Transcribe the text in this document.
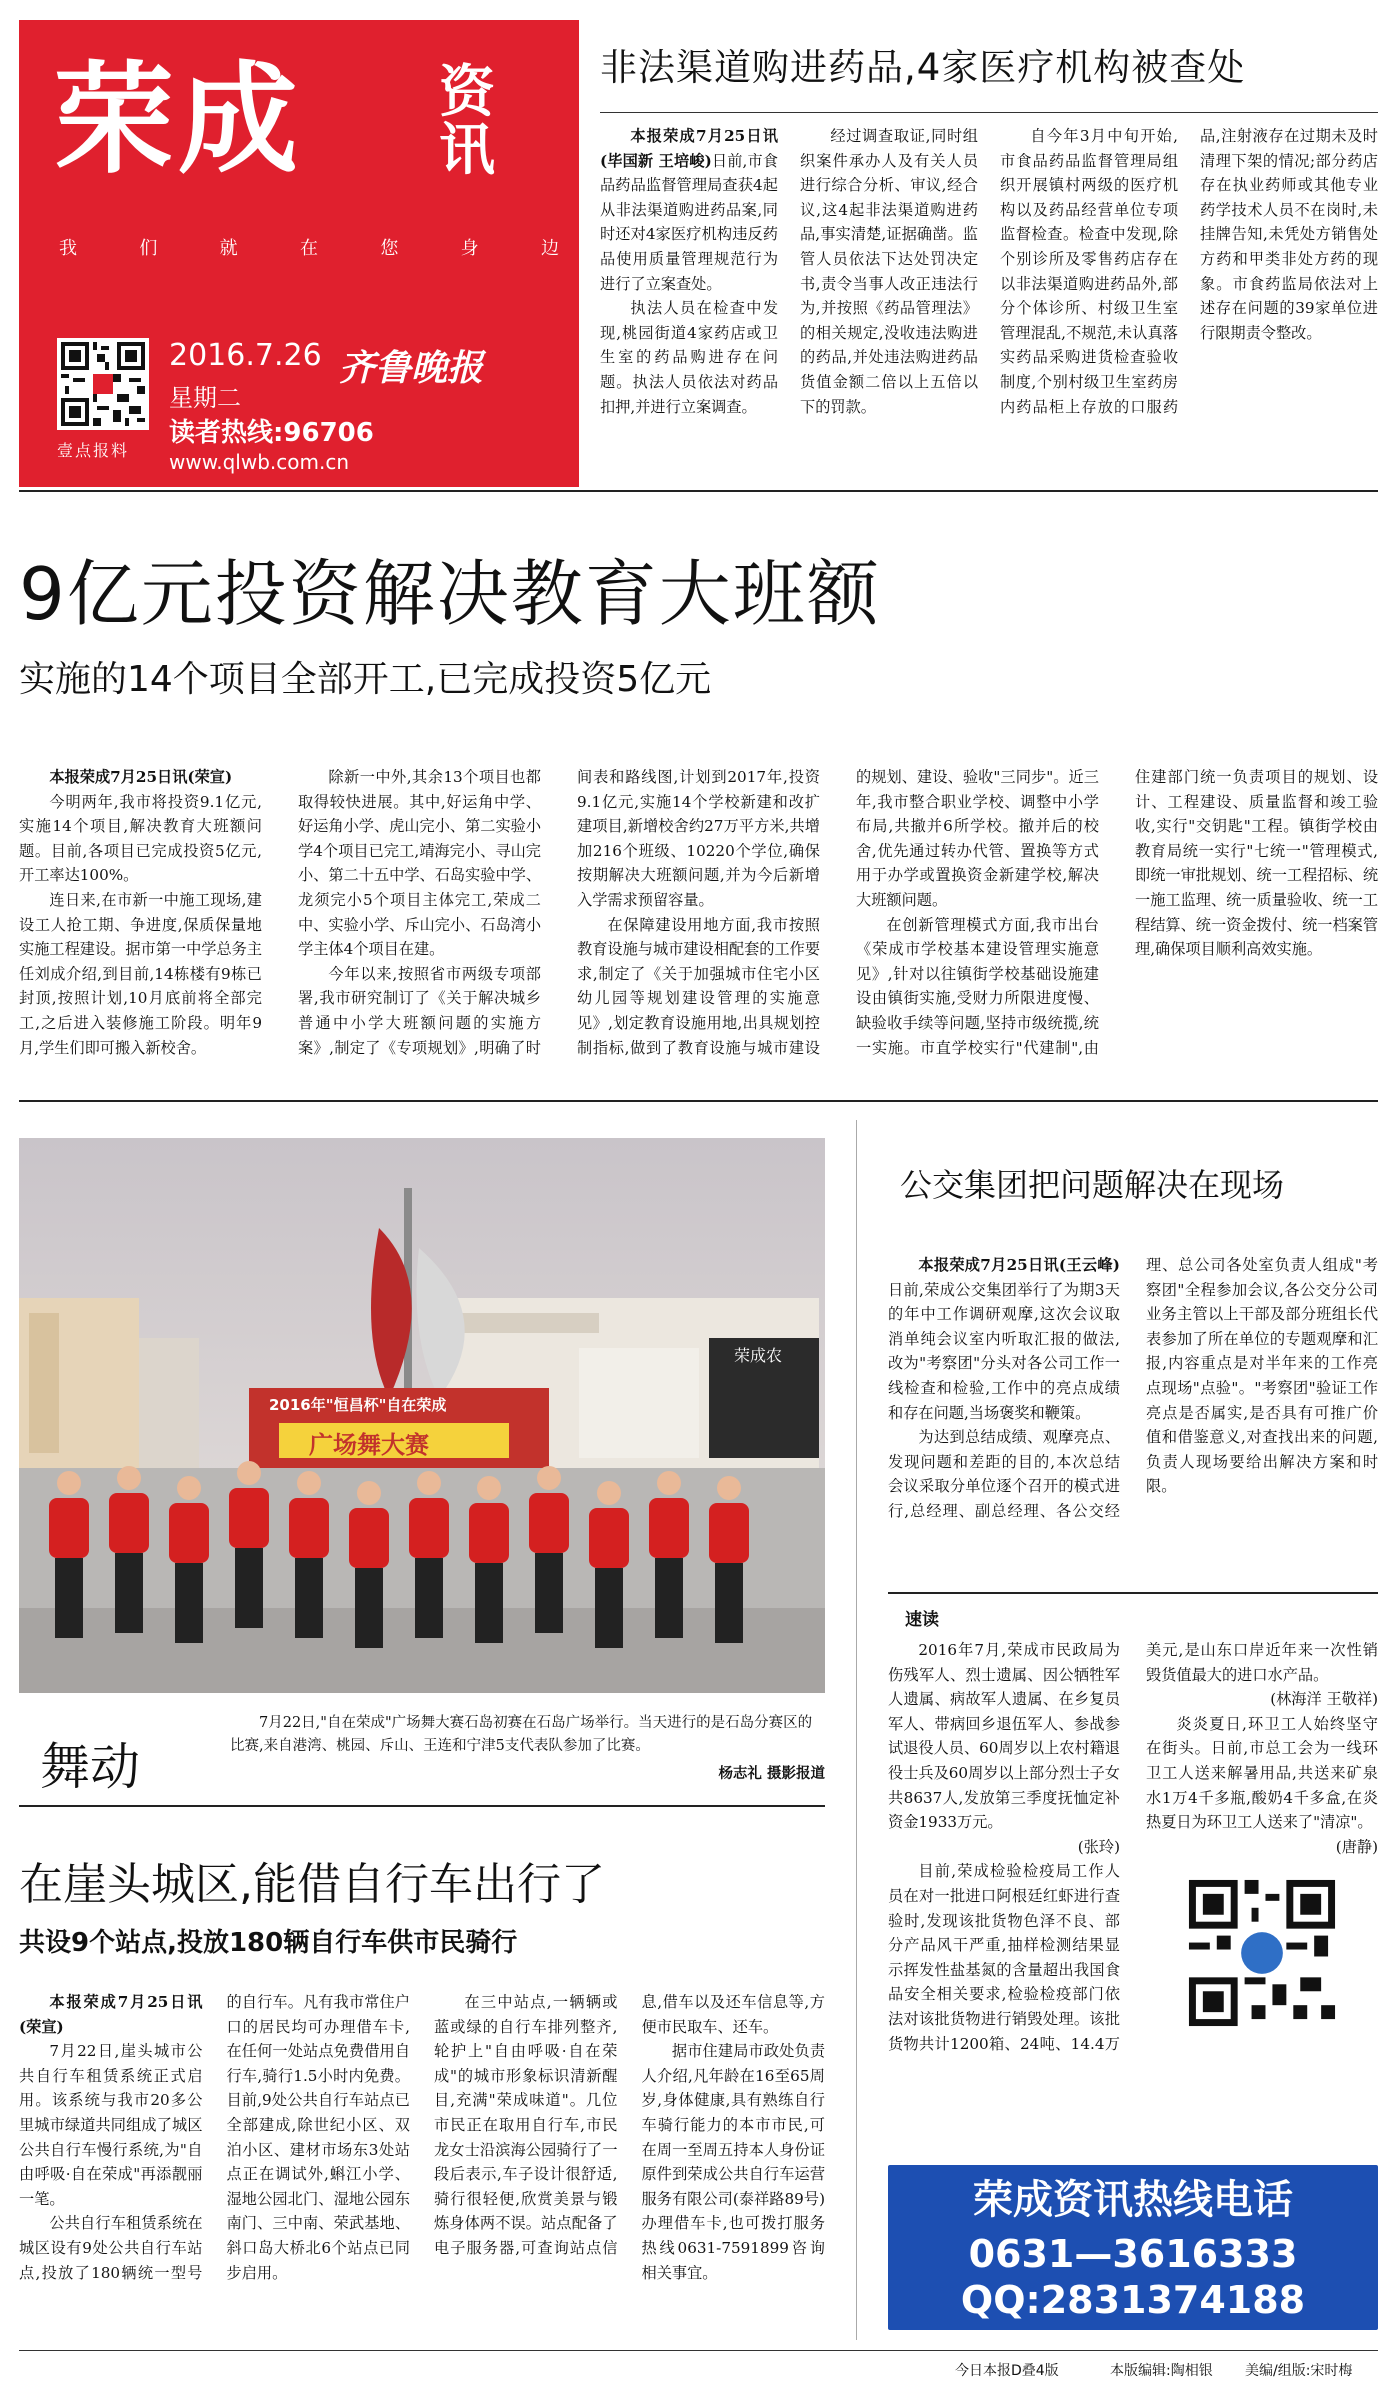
荣成 资讯
我	们	就	在	您	身	边
壹点报料
2016.7.26
星期二
齐鲁晚报
读者热线:96706
www.qlwb.com.cn
非法渠道购进药品,4家医疗机构被查处

本报荣成7月25日讯(毕国新 王培峻)日前,市食品药品监督管理局查获4起从非法渠道购进药品案,同时还对4家医疗机构违反药品使用质量管理规范行为进行了立案查处。

执法人员在检查中发现,桃园街道4家药店或卫生室的药品购进存在问题。执法人员依法对药品扣押,并进行立案调查。

经过调查取证,同时组织案件承办人及有关人员进行综合分析、审议,经合议,这4起非法渠道购进药品,事实清楚,证据确凿。监管人员依法下达处罚决定书,责令当事人改正违法行为,并按照《药品管理法》的相关规定,没收违法购进的药品,并处违法购进药品货值金额二倍以上五倍以下的罚款。

自今年3月中旬开始,市食品药品监督管理局组织开展镇村两级的医疗机构以及药品经营单位专项监督检查。检查中发现,除个别诊所及零售药店存在以非法渠道购进药品外,部分个体诊所、村级卫生室管理混乱,不规范,未认真落实药品采购进货检查验收制度,个别村级卫生室药房内药品柜上存放的口服药品,注射液存在过期未及时清理下架的情况;部分药店存在执业药师或其他专业药学技术人员不在岗时,未挂牌告知,未凭处方销售处方药和甲类非处方药的现象。市食药监局依法对上述存在问题的39家单位进行限期责令整改。

9亿元投资解决教育大班额
实施的14个项目全部开工,已完成投资5亿元

本报荣成7月25日讯(荣宣)

今明两年,我市将投资9.1亿元,实施14个项目,解决教育大班额问题。目前,各项目已完成投资5亿元,开工率达100%。

连日来,在市新一中施工现场,建设工人抢工期、争进度,保质保量地实施工程建设。据市第一中学总务主任刘成介绍,到目前,14栋楼有9栋已封顶,按照计划,10月底前将全部完工,之后进入装修施工阶段。明年9月,学生们即可搬入新校舍。

除新一中外,其余13个项目也都取得较快进展。其中,好运角中学、好运角小学、虎山完小、第二实验小学4个项目已完工,靖海完小、寻山完小、第二十五中学、石岛实验中学、龙须完小5个项目主体完工,荣成二中、实验小学、斥山完小、石岛湾小学主体4个项目在建。

今年以来,按照省市两级专项部署,我市研究制订了《关于解决城乡普通中小学大班额问题的实施方案》,制定了《专项规划》,明确了时间表和路线图,计划到2017年,投资9.1亿元,实施14个学校新建和改扩建项目,新增校舍约27万平方米,共增加216个班级、10220个学位,确保按期解决大班额问题,并为今后新增入学需求预留容量。

在保障建设用地方面,我市按照教育设施与城市建设相配套的工作要求,制定了《关于加强城市住宅小区幼儿园等规划建设管理的实施意见》,划定教育设施用地,出具规划控制指标,做到了教育设施与城市建设的规划、建设、验收"三同步"。近三年,我市整合职业学校、调整中小学布局,共撤并6所学校。撤并后的校舍,优先通过转办代管、置换等方式用于办学或置换资金新建学校,解决大班额问题。

在创新管理模式方面,我市出台《荣成市学校基本建设管理实施意见》,针对以往镇街学校基础设施建设由镇街实施,受财力所限进度慢、缺验收手续等问题,坚持市级统揽,统一实施。市直学校实行"代建制",由住建部门统一负责项目的规划、设计、工程建设、质量监督和竣工验收,实行"交钥匙"工程。镇街学校由教育局统一实行"七统一"管理模式,即统一审批规划、统一工程招标、统一施工监理、统一质量验收、统一工程结算、统一资金拨付、统一档案管理,确保项目顺利高效实施。

2016年"恒昌杯"自在荣成
广场舞大赛
荣成农
舞动
7月22日,"自在荣成"广场舞大赛石岛初赛在石岛广场举行。当天进行的是石岛分赛区的比赛,来自港湾、桃园、斥山、王连和宁津5支代表队参加了比赛。
杨志礼 摄影报道
公交集团把问题解决在现场

本报荣成7月25日讯(王云峰)日前,荣成公交集团举行了为期3天的年中工作调研观摩,这次会议取消单纯会议室内听取汇报的做法,改为"考察团"分头对各公司工作一线检查和检验,工作中的亮点成绩和存在问题,当场褒奖和鞭策。

为达到总结成绩、观摩亮点、发现问题和差距的目的,本次总结会议采取分单位逐个召开的模式进行,总经理、副总经理、各公交经理、总公司各处室负责人组成"考察团"全程参加会议,各公交分公司业务主管以上干部及部分班组长代表参加了所在单位的专题观摩和汇报,内容重点是对半年来的工作亮点现场"点验"。"考察团"验证工作亮点是否属实,是否具有可推广价值和借鉴意义,对查找出来的问题,负责人现场要给出解决方案和时限。

速读

2016年7月,荣成市民政局为伤残军人、烈士遗属、因公牺牲军人遗属、病故军人遗属、在乡复员军人、带病回乡退伍军人、参战参试退役人员、60周岁以上农村籍退役士兵及60周岁以上部分烈士子女共8637人,发放第三季度抚恤定补资金1933万元。

(张玲)

目前,荣成检验检疫局工作人员在对一批进口阿根廷红虾进行查验时,发现该批货物色泽不良、部分产品风干严重,抽样检测结果显示挥发性盐基氮的含量超出我国食品安全相关要求,检验检疫部门依法对该批货物进行销毁处理。该批货物共计1200箱、24吨、14.4万美元,是山东口岸近年来一次性销毁货值最大的进口水产品。

(林海洋 王敬祥)

炎炎夏日,环卫工人始终坚守在街头。日前,市总工会为一线环卫工人送来解暑用品,共送来矿泉水1万4千多瓶,酸奶4千多盒,在炎热夏日为环卫工人送来了"清凉"。

(唐静)

在崖头城区,能借自行车出行了
共设9个站点,投放180辆自行车供市民骑行

本报荣成7月25日讯(荣宣)

7月22日,崖头城市公共自行车租赁系统正式启用。该系统与我市20多公里城市绿道共同组成了城区公共自行车慢行系统,为"自由呼吸·自在荣成"再添靓丽一笔。

公共自行车租赁系统在城区设有9处公共自行车站点,投放了180辆统一型号的自行车。凡有我市常住户口的居民均可办理借车卡,在任何一处站点免费借用自行车,骑行1.5小时内免费。目前,9处公共自行车站点已全部建成,除世纪小区、双泊小区、建材市场东3处站点正在调试外,蝌江小学、湿地公园北门、湿地公园东南门、三中南、荣武基地、斜口岛大桥北6个站点已同步启用。

在三中站点,一辆辆或蓝或绿的自行车排列整齐,轮护上"自由呼吸·自在荣成"的城市形象标识清新醒目,充满"荣成味道"。几位市民正在取用自行车,市民龙女士沿滨海公园骑行了一段后表示,车子设计很舒适,骑行很轻便,欣赏美景与锻炼身体两不误。站点配备了电子服务器,可查询站点信息,借车以及还车信息等,方便市民取车、还车。

据市住建局市政处负责人介绍,凡年龄在16至65周岁,身体健康,具有熟练自行车骑行能力的本市市民,可在周一至周五持本人身份证原件到荣成公共自行车运营服务有限公司(泰祥路89号)办理借车卡,也可拨打服务热线0631-7591899咨询相关事宜。

荣成资讯热线电话
0631—3616333
QQ:2831374188
今日本报D叠4版	本版编辑:陶相银 美编/组版:宋时梅
